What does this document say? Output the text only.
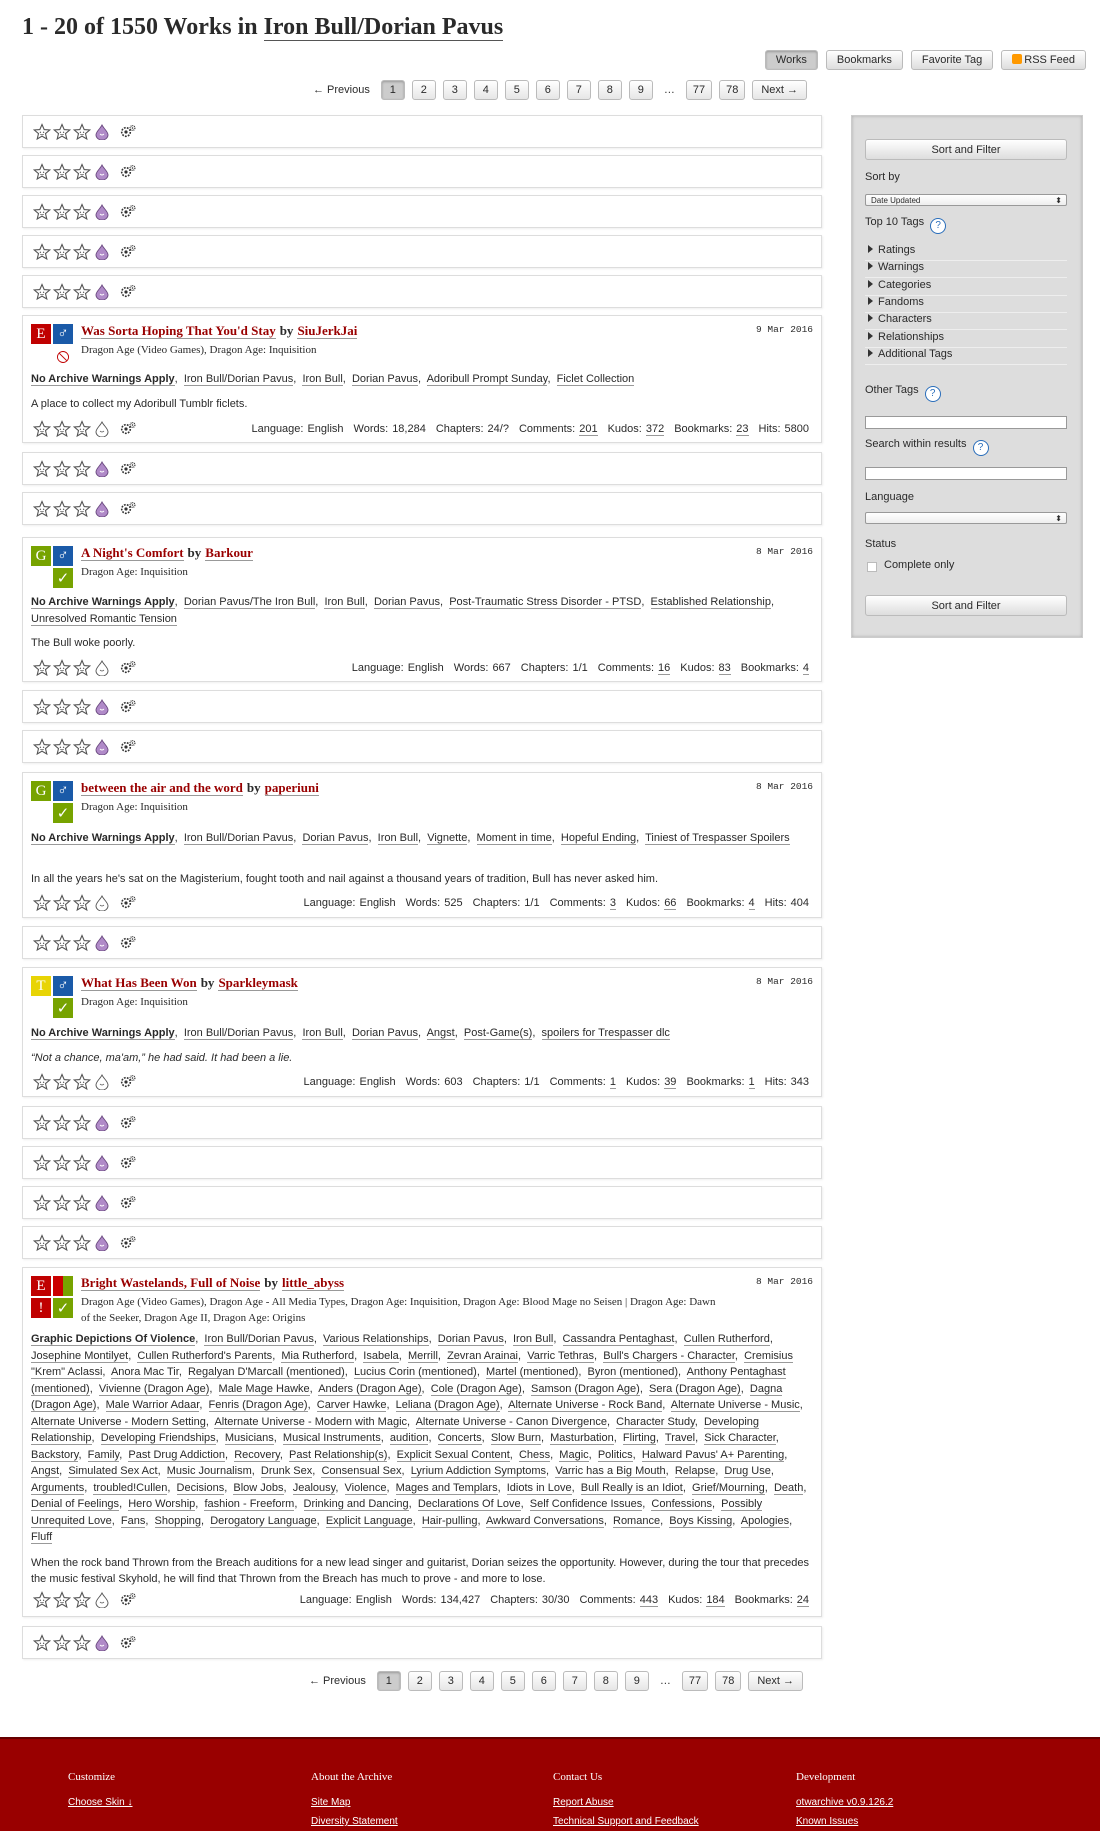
1 - 20 of 1550 Works in Iron Bull/Dorian Pavus
Works	Bookmarks	Favorite Tag	RSS Feed
← Previous	1	2	3	4	5	6	7	8	9	…	77	78	Next →
E ♂
⦸
Was Sorta Hoping That You'd Stay by SiuJerkJai
Dragon Age (Video Games), Dragon Age: Inquisition

9 Mar 2016

No Archive Warnings Apply,  Iron Bull/Dorian Pavus,  Iron Bull,  Dorian Pavus,  Adoribull Prompt Sunday,  Ficlet Collection
A place to collect my Adoribull Tumblr ficlets.
Language: English Words: 18,284 Chapters: 24/? Comments: 201 Kudos: 372 Bookmarks: 23 Hits: 5800
G ♂
✓
A Night's Comfort by Barkour
Dragon Age: Inquisition

8 Mar 2016

No Archive Warnings Apply,  Dorian Pavus/The Iron Bull,  Iron Bull,  Dorian Pavus,  Post-Traumatic Stress Disorder - PTSD,  Established Relationship,  Unresolved Romantic Tension
The Bull woke poorly.
Language: English Words: 667 Chapters: 1/1 Comments: 16 Kudos: 83 Bookmarks: 4
G ♂
✓
between the air and the word by paperiuni
Dragon Age: Inquisition

8 Mar 2016

No Archive Warnings Apply,  Iron Bull/Dorian Pavus,  Dorian Pavus,  Iron Bull,  Vignette,  Moment in time,  Hopeful Ending,  Tiniest of Trespasser Spoilers
In all the years he's sat on the Magisterium, fought tooth and nail against a thousand years of tradition, Bull has never asked him.
Language: English Words: 525 Chapters: 1/1 Comments: 3 Kudos: 66 Bookmarks: 4 Hits: 404
T ♂
✓
What Has Been Won by Sparkleymask
Dragon Age: Inquisition

8 Mar 2016

No Archive Warnings Apply,  Iron Bull/Dorian Pavus,  Iron Bull,  Dorian Pavus,  Angst,  Post-Game(s),  spoilers for Trespasser dlc
“Not a chance, ma'am,” he had said. It had been a lie.
Language: English Words: 603 Chapters: 1/1 Comments: 1 Kudos: 39 Bookmarks: 1 Hits: 343
E
! ✓
Bright Wastelands, Full of Noise by little_abyss
Dragon Age (Video Games), Dragon Age - All Media Types, Dragon Age: Inquisition, Dragon Age: Blood Mage no Seisen | Dragon Age: Dawn
of the Seeker, Dragon Age II, Dragon Age: Origins

8 Mar 2016

Graphic Depictions Of Violence,  Iron Bull/Dorian Pavus,  Various Relationships,  Dorian Pavus,  Iron Bull,  Cassandra Pentaghast,  Cullen Rutherford,  Josephine Montilyet,  Cullen Rutherford's Parents,  Mia Rutherford,  Isabela,  Merrill,  Zevran Arainai,  Varric Tethras,  Bull's Chargers - Character,  Cremisius "Krem" Aclassi,  Anora Mac Tir,  Regalyan D'Marcall (mentioned),  Lucius Corin (mentioned),  Martel (mentioned),  Byron (mentioned),  Anthony Pentaghast (mentioned),  Vivienne (Dragon Age),  Male Mage Hawke,  Anders (Dragon Age),  Cole (Dragon Age),  Samson (Dragon Age),  Sera (Dragon Age),  Dagna (Dragon Age),  Male Warrior Adaar,  Fenris (Dragon Age),  Carver Hawke,  Leliana (Dragon Age),  Alternate Universe - Rock Band,  Alternate Universe - Music,  Alternate Universe - Modern Setting,  Alternate Universe - Modern with Magic,  Alternate Universe - Canon Divergence,  Character Study,  Developing Relationship,  Developing Friendships,  Musicians,  Musical Instruments,  audition,  Concerts,  Slow Burn,  Masturbation,  Flirting,  Travel,  Sick Character,  Backstory,  Family,  Past Drug Addiction,  Recovery,  Past Relationship(s),  Explicit Sexual Content,  Chess,  Magic,  Politics,  Halward Pavus' A+ Parenting,  Angst,  Simulated Sex Act,  Music Journalism,  Drunk Sex,  Consensual Sex,  Lyrium Addiction Symptoms,  Varric has a Big Mouth,  Relapse,  Drug Use,  Arguments,  troubled!Cullen,  Decisions,  Blow Jobs,  Jealousy,  Violence,  Mages and Templars,  Idiots in Love,  Bull Really is an Idiot,  Grief/Mourning,  Death,  Denial of Feelings,  Hero Worship,  fashion - Freeform,  Drinking and Dancing,  Declarations Of Love,  Self Confidence Issues,  Confessions,  Possibly Unrequited Love,  Fans,  Shopping,  Derogatory Language,  Explicit Language,  Hair-pulling,  Awkward Conversations,  Romance,  Boys Kissing,  Apologies,  Fluff
When the rock band Thrown from the Breach auditions for a new lead singer and guitarist, Dorian seizes the opportunity. However, during the tour that precedes the music festival Skyhold, he will find that Thrown from the Breach has much to prove - and more to lose.
Language: English Words: 134,427 Chapters: 30/30 Comments: 443 Kudos: 184 Bookmarks: 24
← Previous	1	2	3	4	5	6	7	8	9	…	77	78	Next →
Sort and Filter
Sort by
Date Updated	⬍
Top 10 Tags ?
Ratings
Warnings
Categories
Fandoms
Characters
Relationships
Additional Tags
Other Tags ?
Search within results ?
Language
⬍
Status
Complete only
Sort and Filter
Customize
Choose Skin ↓
About the Archive
Site Map
Diversity Statement
Contact Us
Report Abuse
Technical Support and Feedback
Development
otwarchive v0.9.126.2
Known Issues
